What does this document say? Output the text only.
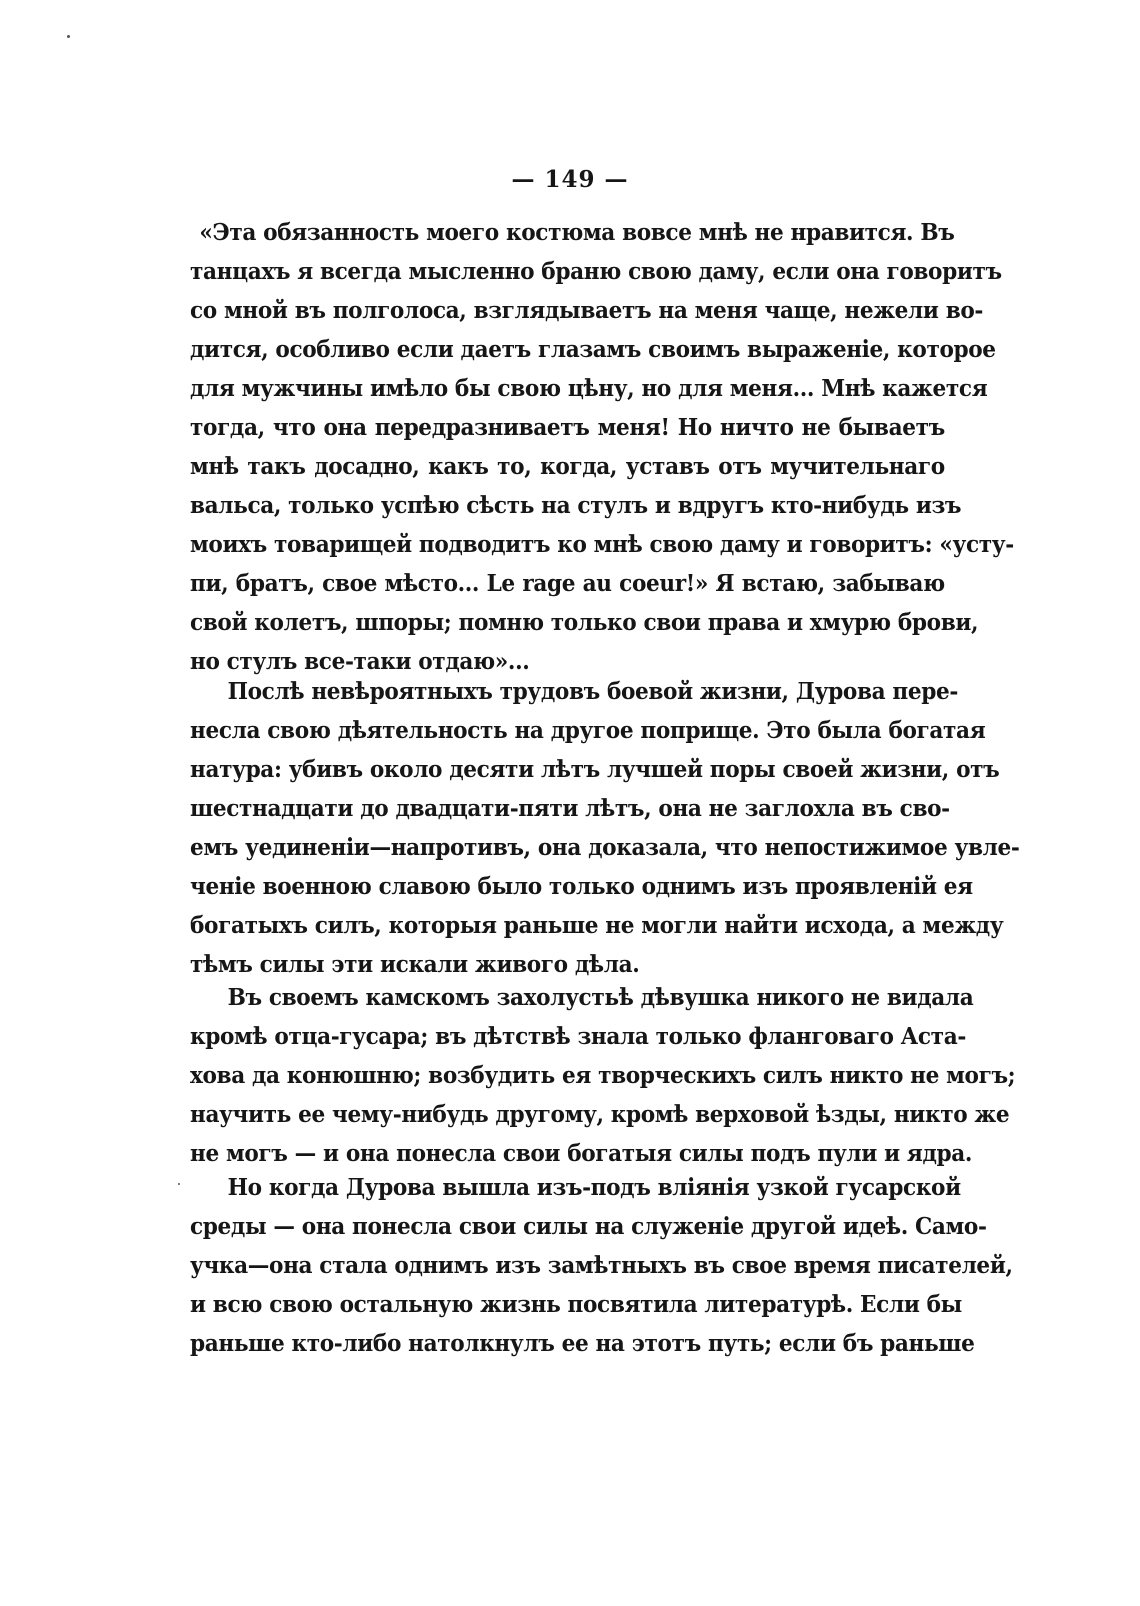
— 149 —
«Эта обязанность моего костюма вовсе мнѣ не нравится. Въ
танцахъ я всегда мысленно браню свою даму, если она говоритъ
со мной въ полголоса, взглядываетъ на меня чаще, нежели во-
дится, особливо если даетъ глазамъ своимъ выраженіе, которое
для мужчины имѣло бы свою цѣну, но для меня... Мнѣ кажется
тогда, что она передразниваетъ меня! Но ничто не бываетъ
мнѣ такъ досадно, какъ то, когда, уставъ отъ мучительнаго
вальса, только успѣю сѣсть на стулъ и вдругъ кто-нибудь изъ
моихъ товарищей подводитъ ко мнѣ свою даму и говоритъ: «усту-
пи, братъ, свое мѣсто... Le rage au coeur!» Я встаю, забываю
свой колетъ, шпоры; помню только свои права и хмурю брови,
но стулъ все-таки отдаю»...
Послѣ невѣроятныхъ трудовъ боевой жизни, Дурова пере-
несла свою дѣятельность на другое поприще. Это была богатая
натура: убивъ около десяти лѣтъ лучшей поры своей жизни, отъ
шестнадцати до двадцати-пяти лѣтъ, она не заглохла въ сво-
емъ уединеніи—напротивъ, она доказала, что непостижимое увле-
ченіе военною славою было только однимъ изъ проявленій ея
богатыхъ силъ, которыя раньше не могли найти исхода, а между
тѣмъ силы эти искали живого дѣла.
Въ своемъ камскомъ захолустьѣ дѣвушка никого не видала
кромѣ отца-гусара; въ дѣтствѣ знала только фланговаго Аста-
хова да конюшню; возбудить ея творческихъ силъ никто не могъ;
научить ее чему-нибудь другому, кромѣ верховой ѣзды, никто же
не могъ — и она понесла свои богатыя силы подъ пули и ядра.
Но когда Дурова вышла изъ-подъ вліянія узкой гусарской
среды — она понесла свои силы на служеніе другой идеѣ. Само-
учка—она стала однимъ изъ замѣтныхъ въ свое время писателей,
и всю свою остальную жизнь посвятила литературѣ. Если бы
раньше кто-либо натолкнулъ ее на этотъ путь; если бъ раньше
